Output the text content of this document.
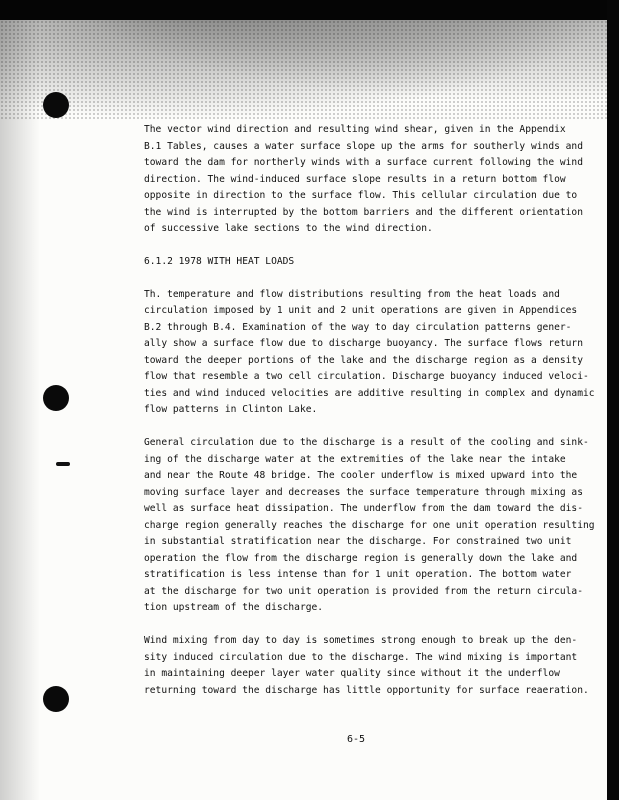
The vector wind direction and resulting wind shear, given in the Appendix
B.1 Tables, causes a water surface slope up the arms for southerly winds and
toward the dam for northerly winds with a surface current following the wind
direction. The wind-induced surface slope results in a return bottom flow
opposite in direction to the surface flow. This cellular circulation due to
the wind is interrupted by the bottom barriers and the different orientation
of successive lake sections to the wind direction.
6.1.2 1978 WITH HEAT LOADS
Th. temperature and flow distributions resulting from the heat loads and
circulation imposed by 1 unit and 2 unit operations are given in Appendices
B.2 through B.4. Examination of the way to day circulation patterns gener-
ally show a surface flow due to discharge buoyancy. The surface flows return
toward the deeper portions of the lake and the discharge region as a density
flow that resemble a two cell circulation. Discharge buoyancy induced veloci-
ties and wind induced velocities are additive resulting in complex and dynamic
flow patterns in Clinton Lake.
General circulation due to the discharge is a result of the cooling and sink-
ing of the discharge water at the extremities of the lake near the intake
and near the Route 48 bridge. The cooler underflow is mixed upward into the
moving surface layer and decreases the surface temperature through mixing as
well as surface heat dissipation. The underflow from the dam toward the dis-
charge region generally reaches the discharge for one unit operation resulting
in substantial stratification near the discharge. For constrained two unit
operation the flow from the discharge region is generally down the lake and
stratification is less intense than for 1 unit operation. The bottom water
at the discharge for two unit operation is provided from the return circula-
tion upstream of the discharge.
Wind mixing from day to day is sometimes strong enough to break up the den-
sity induced circulation due to the discharge. The wind mixing is important
in maintaining deeper layer water quality since without it the underflow
returning toward the discharge has little opportunity for surface reaeration.
6-5
